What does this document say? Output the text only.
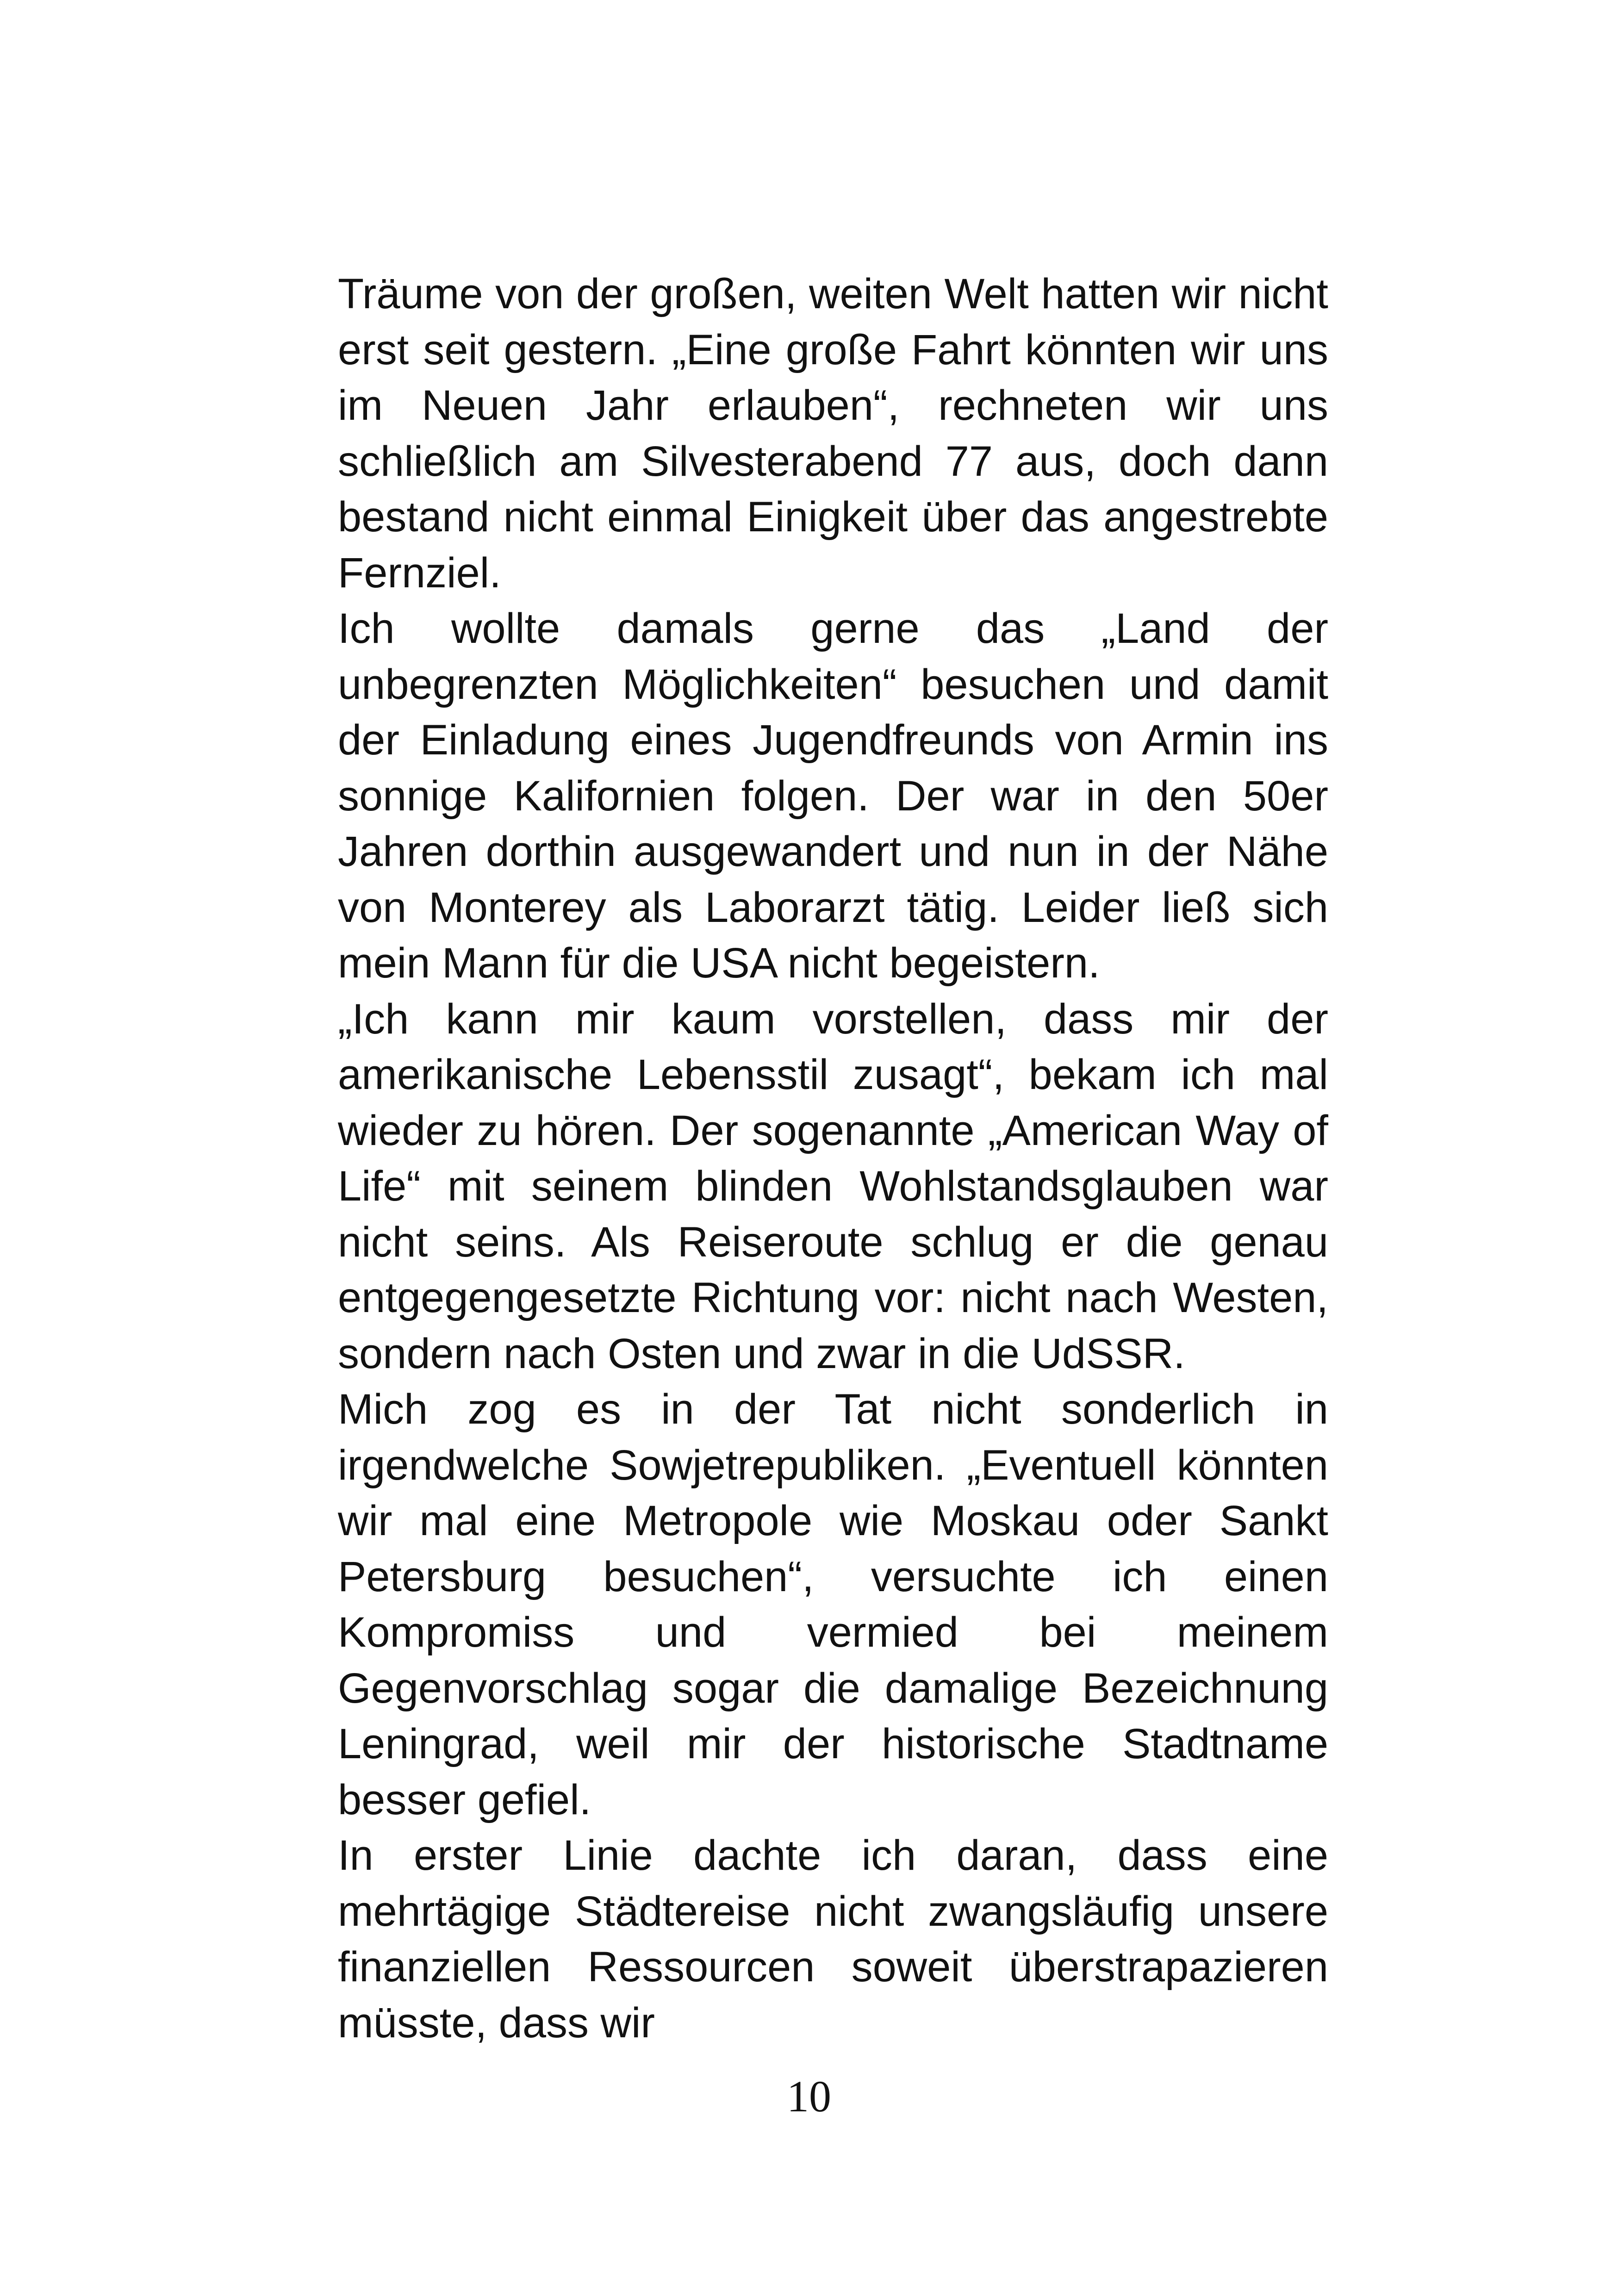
Träume von der großen, weiten Welt hatten wir nicht erst seit gestern. „Eine große Fahrt könnten wir uns im Neuen Jahr erlauben“, rechneten wir uns schließlich am Silvesterabend 77 aus, doch dann bestand nicht einmal Einigkeit über das angestrebte Fernziel.

Ich wollte damals gerne das „Land der unbegrenzten Möglichkeiten“ besuchen und damit der Einladung eines Jugendfreunds von Armin ins sonnige Kalifornien folgen. Der war in den 50er Jahren dorthin ausgewandert und nun in der Nähe von Monterey als Laborarzt tätig. Leider ließ sich mein Mann für die USA nicht begeistern.

„Ich kann mir kaum vorstellen, dass mir der amerikanische Lebensstil zusagt“, bekam ich mal wieder zu hören. Der sogenannte „American Way of Life“ mit seinem blinden Wohlstandsglauben war nicht seins. Als Reiseroute schlug er die genau entgegengesetzte Richtung vor: nicht nach Westen, sondern nach Osten und zwar in die UdSSR.

Mich zog es in der Tat nicht sonderlich in irgendwelche Sowjetrepubliken. „Eventuell könnten wir mal eine Metropole wie Moskau oder Sankt Petersburg besuchen“, versuchte ich einen Kompromiss und vermied bei meinem Gegenvorschlag sogar die damalige Bezeichnung Leningrad, weil mir der historische Stadtname besser gefiel.

In erster Linie dachte ich daran, dass eine mehrtägige Städtereise nicht zwangsläufig unsere finanziellen Ressourcen soweit überstrapazieren müsste, dass wir

10
